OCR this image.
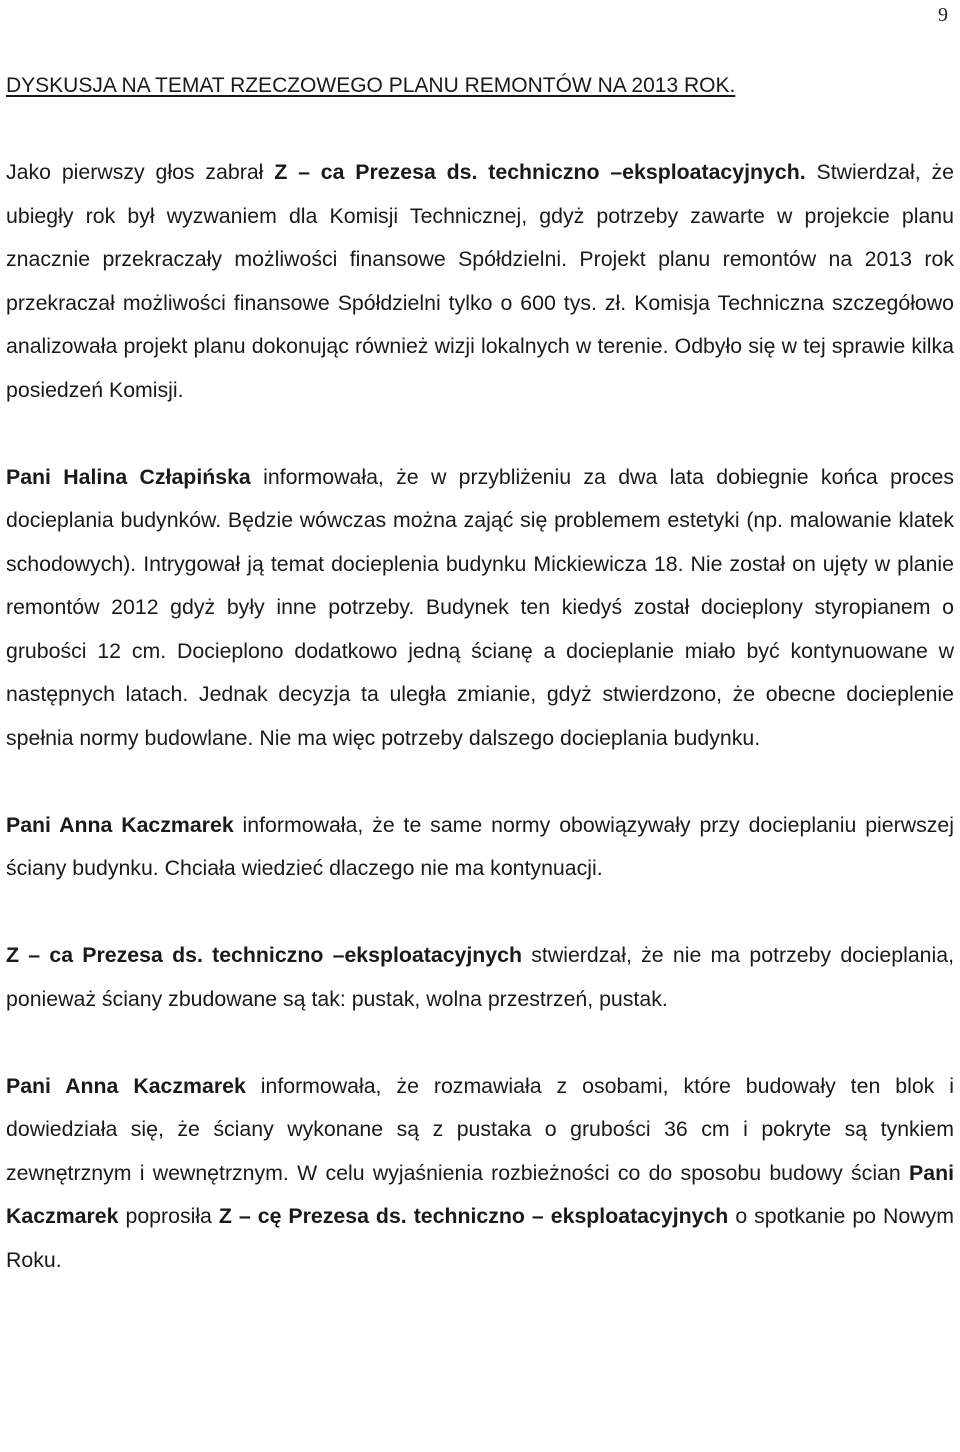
9
DYSKUSJA NA TEMAT RZECZOWEGO PLANU REMONTÓW NA 2013 ROK.

Jako pierwszy głos zabrał Z – ca Prezesa ds. techniczno –eksploatacyjnych. Stwierdzał, że ubiegły rok był wyzwaniem dla Komisji Technicznej, gdyż potrzeby zawarte w projekcie planu znacznie przekraczały możliwości finansowe Spółdzielni. Projekt planu remontów na 2013 rok przekraczał możliwości finansowe Spółdzielni tylko o 600 tys. zł. Komisja Techniczna szczegółowo analizowała projekt planu dokonując również wizji lokalnych w terenie. Odbyło się w tej sprawie kilka posiedzeń Komisji.

Pani Halina Człapińska informowała, że w przybliżeniu za dwa lata dobiegnie końca proces docieplania budynków. Będzie wówczas można zająć się problemem estetyki (np. malowanie klatek schodowych). Intrygował ją temat docieplenia budynku Mickiewicza 18. Nie został on ujęty w planie remontów 2012 gdyż były inne potrzeby. Budynek ten kiedyś został docieplony styropianem o grubości 12 cm. Docieplono dodatkowo jedną ścianę a docieplanie miało być kontynuowane w następnych latach. Jednak decyzja ta uległa zmianie, gdyż stwierdzono, że obecne docieplenie spełnia normy budowlane. Nie ma więc potrzeby dalszego docieplania budynku.

Pani Anna Kaczmarek informowała, że te same normy obowiązywały przy docieplaniu pierwszej ściany budynku. Chciała wiedzieć dlaczego nie ma kontynuacji.

Z – ca Prezesa ds. techniczno –eksploatacyjnych stwierdzał, że nie ma potrzeby docieplania, ponieważ ściany zbudowane są tak: pustak, wolna przestrzeń, pustak.

Pani Anna Kaczmarek informowała, że rozmawiała z osobami, które budowały ten blok i dowiedziała się, że ściany wykonane są z pustaka o grubości 36 cm i pokryte są tynkiem zewnętrznym i wewnętrznym. W celu wyjaśnienia rozbieżności co do sposobu budowy ścian Pani Kaczmarek poprosiła Z – cę Prezesa ds. techniczno – eksploatacyjnych o spotkanie po Nowym Roku.
